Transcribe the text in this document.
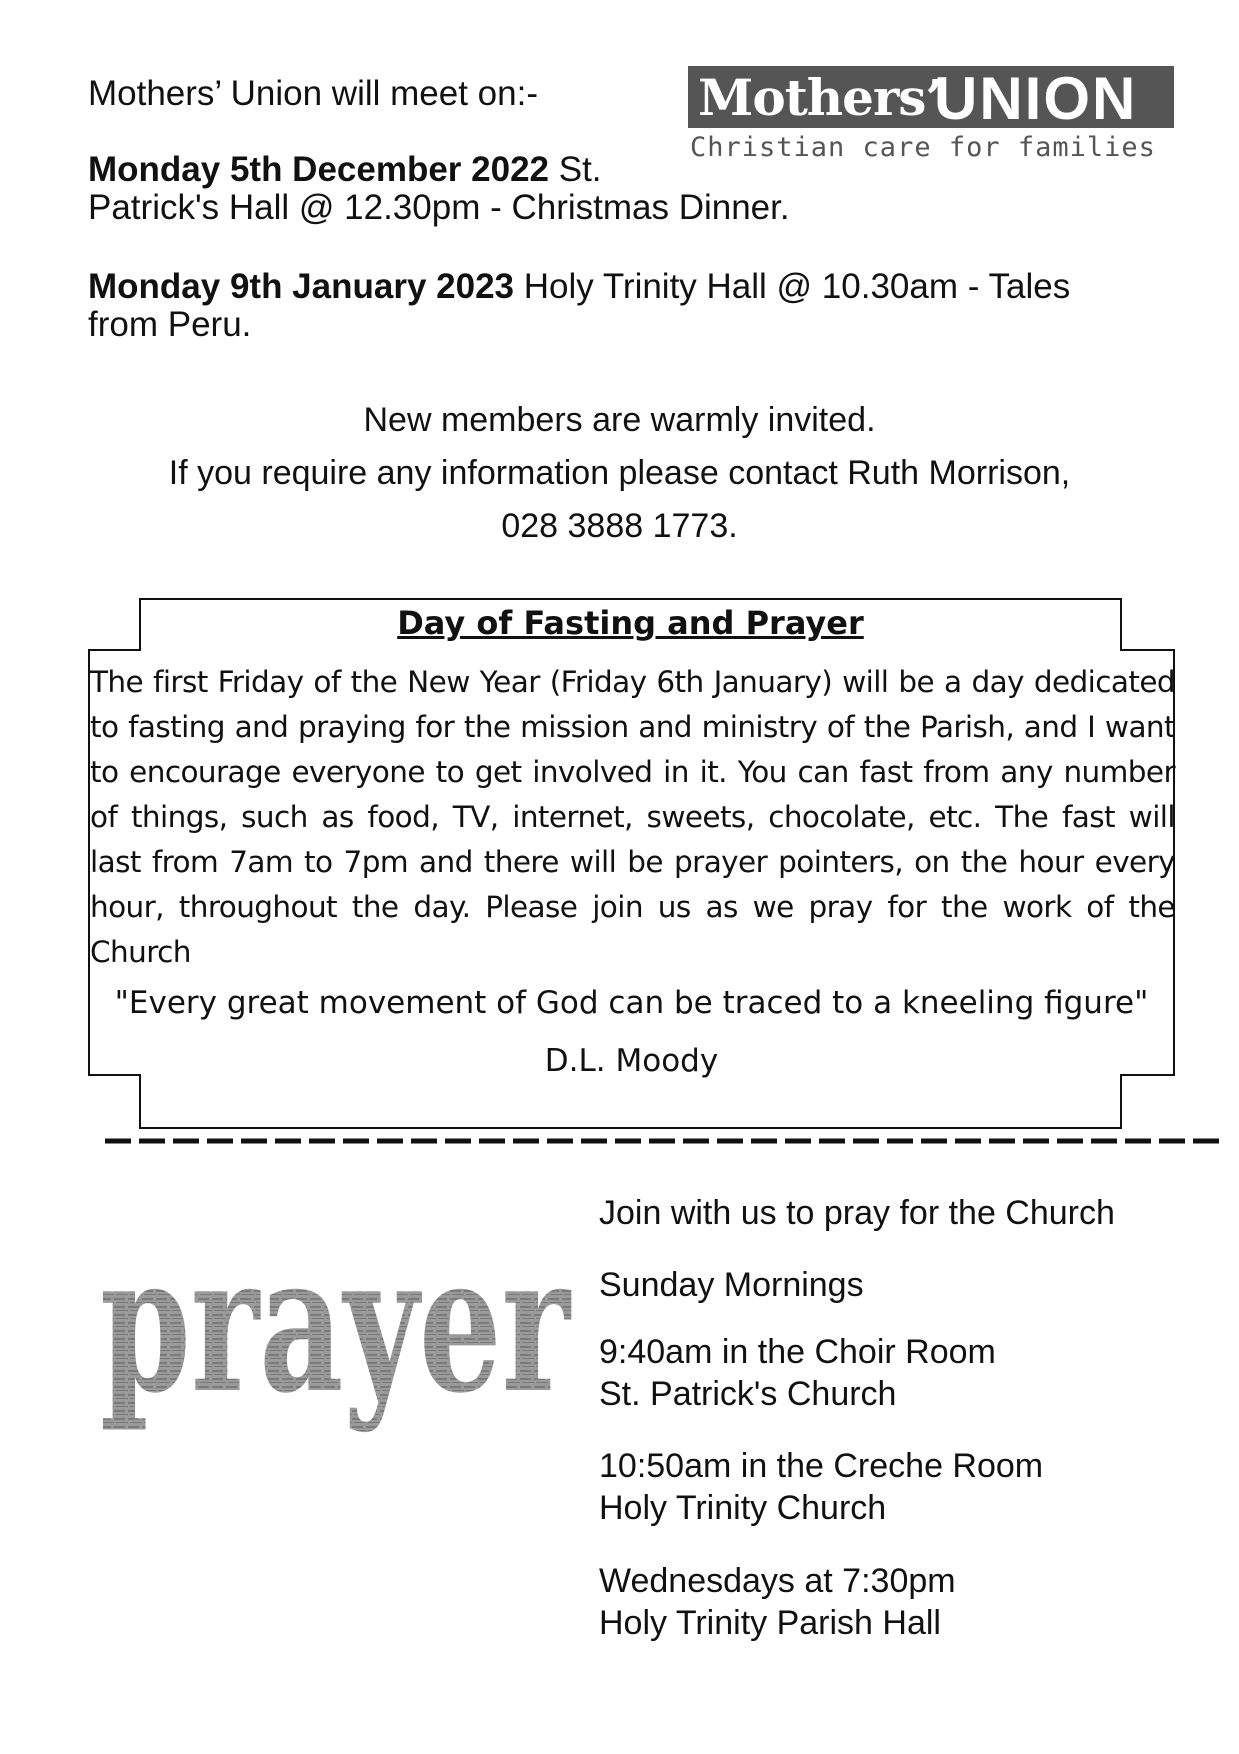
Mothers’ Union will meet on:-	Mothers’
UNION
Christian care for families
Monday 5th December 2022 St.
Patrick's Hall @ 12.30pm - Christmas Dinner.
Monday 9th January 2023 Holy Trinity Hall @ 10.30am - Tales
from Peru.
New members are warmly invited.
If you require any information please contact Ruth Morrison,
028 3888 1773.
Day of Fasting and Prayer
The first Friday of the New Year (Friday 6th January) will be a day dedicated to fasting and praying for the mission and ministry of the Parish, and I want to encourage everyone to get involved in it. You can fast from any number of things, such as food, TV, internet, sweets, chocolate, etc. The fast will last from 7am to 7pm and there will be prayer pointers, on the hour every hour, throughout the day. Please join us as we pray for the work of the Church
"Every great movement of God can be traced to a kneeling figure"
D.L. Moody
prayer Join with us to pray for the Church
Sunday Mornings
9:40am in the Choir Room
St. Patrick's Church
10:50am in the Creche Room
Holy Trinity Church
Wednesdays at 7:30pm
Holy Trinity Parish Hall
